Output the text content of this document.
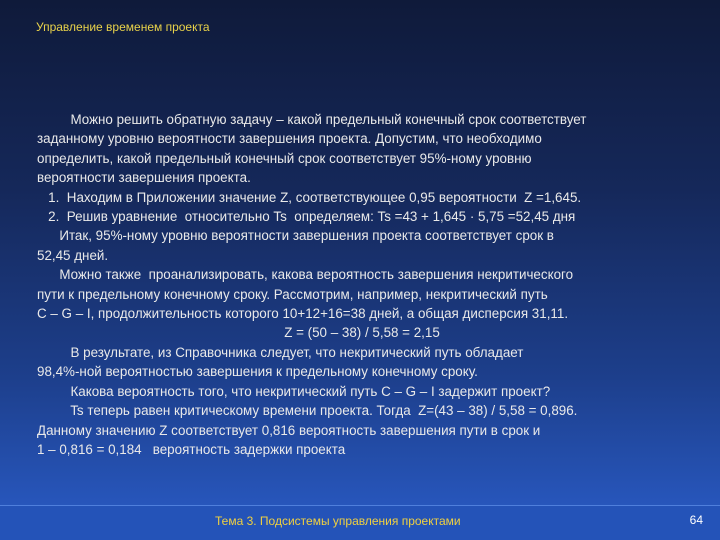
Управление временем проекта
Можно решить обратную задачу – какой предельный конечный срок соответствует
заданному уровню вероятности завершения проекта. Допустим, что необходимо
определить, какой предельный конечный срок соответствует 95%-ному уровню
вероятности завершения проекта.
1.  Находим в Приложении значение Z, соответствующее 0,95 вероятности  Z =1,645.
2.  Решив уравнение  относительно Ts  определяем: Ts =43 + 1,645 · 5,75 =52,45 дня
Итак, 95%-ному уровню вероятности завершения проекта соответствует срок в
52,45 дней.
Можно также  проанализировать, какова вероятность завершения некритического
пути к предельному конечному сроку. Рассмотрим, например, некритический путь
C – G – I, продолжительность которого 10+12+16=38 дней, а общая дисперсия 31,11.
Z = (50 – 38) / 5,58 = 2,15
В результате, из Справочника следует, что некритический путь обладает
98,4%-ной вероятностью завершения к предельному конечному сроку.
Какова вероятность того, что некритический путь C – G – I задержит проект?
Ts теперь равен критическому времени проекта. Тогда  Z=(43 – 38) / 5,58 = 0,896.
Данному значению Z соответствует 0,816 вероятность завершения пути в срок и
1 – 0,816 = 0,184   вероятность задержки проекта
Тема 3. Подсистемы управления проектами	64
